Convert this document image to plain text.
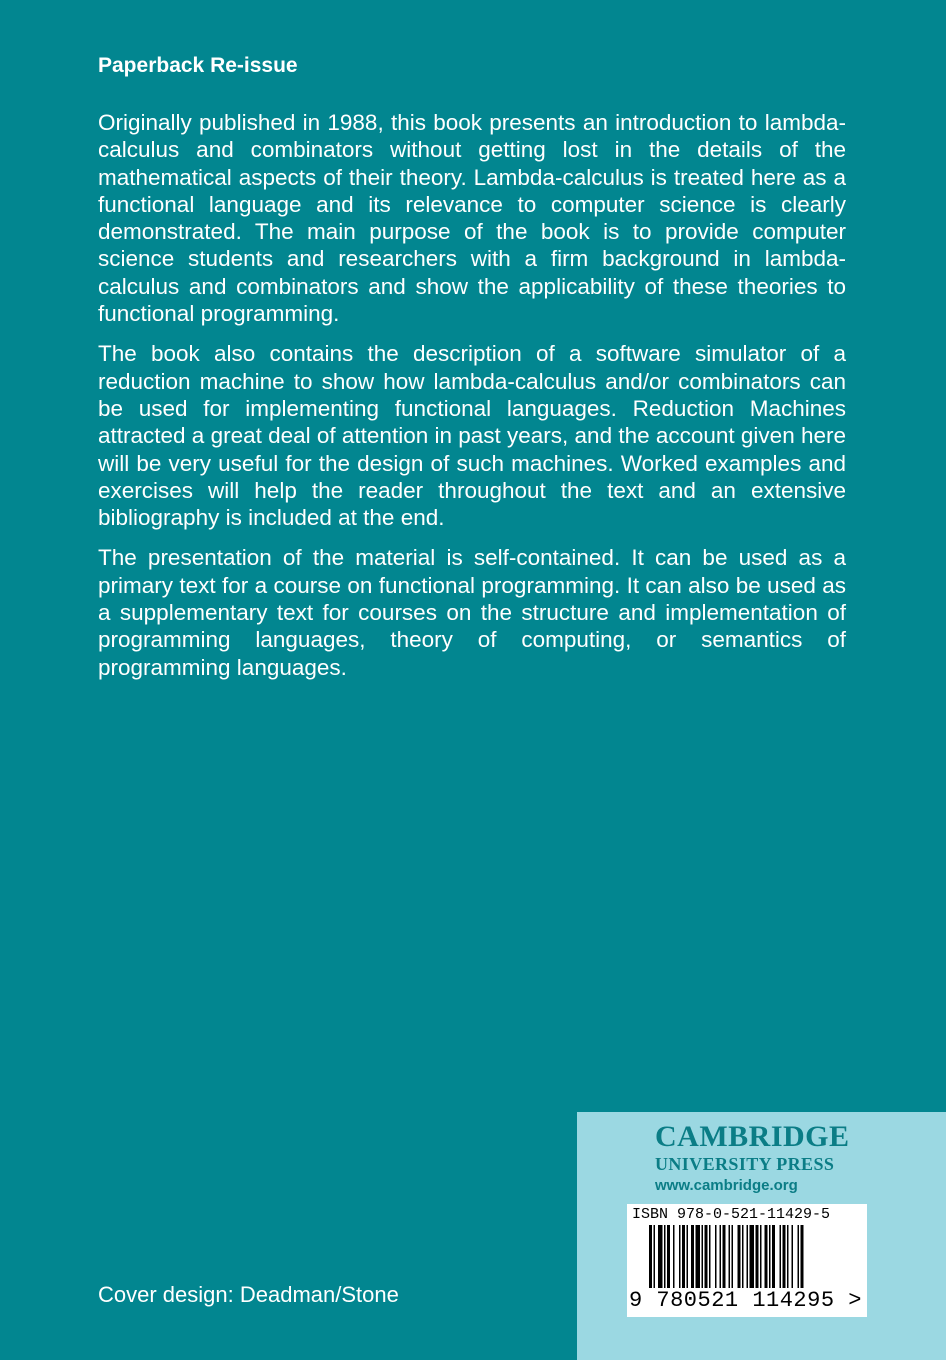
Paperback Re-issue

Originally published in 1988, this book presents an introduction to lambda-calculus and combinators without getting lost in the details of the mathematical aspects of their theory. Lambda-calculus is treated here as a functional language and its relevance to computer science is clearly demonstrated. The main purpose of the book is to provide computer science students and researchers with a firm background in lambda-calculus and combinators and show the applicability of these theories to functional programming.

The book also contains the description of a software simulator of a reduction machine to show how lambda-calculus and/or combinators can be used for implementing functional languages. Reduction Machines attracted a great deal of attention in past years, and the account given here will be very useful for the design of such machines. Worked examples and exercises will help the reader throughout the text and an extensive bibliography is included at the end.

The presentation of the material is self-contained. It can be used as a primary text for a course on functional programming. It can also be used as a supplementary text for courses on the structure and implementation of programming languages, theory of computing, or semantics of programming languages.

Cover design: Deadman/Stone
CAMBRIDGE
UNIVERSITY PRESS
www.cambridge.org
ISBN 978-0-521-11429-5
9 780521 114295 >
